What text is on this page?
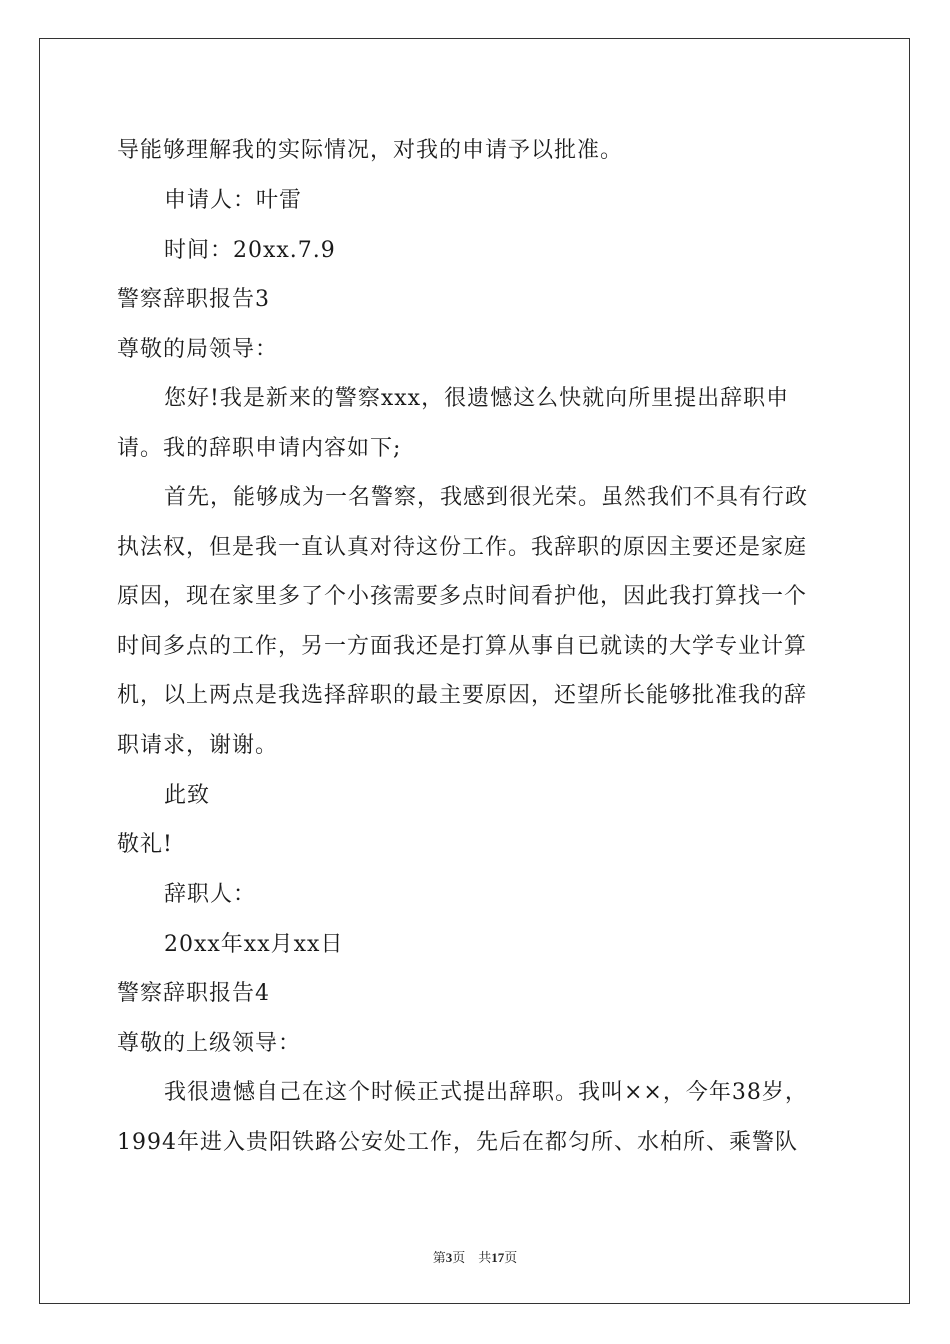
导能够理解我的实际情况，对我的申请予以批准。
申请人：叶雷
时间：20xx.7.9
警察辞职报告3
尊敬的局领导：
您好!我是新来的警察xxx，很遗憾这么快就向所里提出辞职申
请。我的辞职申请内容如下;
首先，能够成为一名警察，我感到很光荣。虽然我们不具有行政
执法权，但是我一直认真对待这份工作。我辞职的原因主要还是家庭
原因，现在家里多了个小孩需要多点时间看护他，因此我打算找一个
时间多点的工作，另一方面我还是打算从事自已就读的大学专业计算
机，以上两点是我选择辞职的最主要原因，还望所长能够批准我的辞
职请求，谢谢。
此致
敬礼!
辞职人：
20xx年xx月xx日
警察辞职报告4
尊敬的上级领导：
我很遗憾自己在这个时候正式提出辞职。我叫××，今年38岁，
1994年进入贵阳铁路公安处工作，先后在都匀所、水柏所、乘警队
第3页　共17页
